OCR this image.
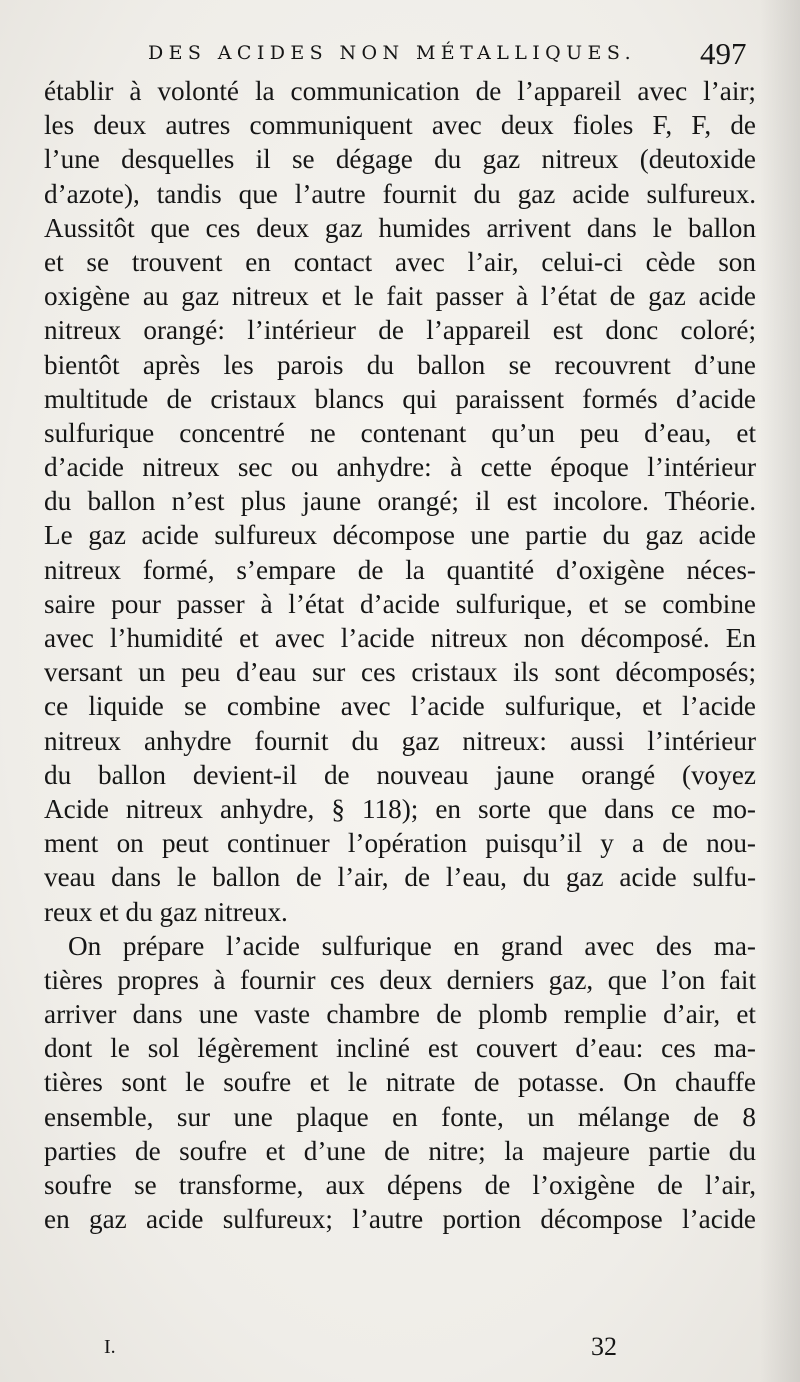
DES ACIDES NON MÉTALLIQUES. 497
établir à volonté la communication de l’appareil avec l’air;
les deux autres communiquent avec deux fioles F, F, de
l’une desquelles il se dégage du gaz nitreux (deutoxide
d’azote), tandis que l’autre fournit du gaz acide sulfureux.
Aussitôt que ces deux gaz humides arrivent dans le ballon
et se trouvent en contact avec l’air, celui-ci cède son
oxigène au gaz nitreux et le fait passer à l’état de gaz acide
nitreux orangé: l’intérieur de l’appareil est donc coloré;
bientôt après les parois du ballon se recouvrent d’une
multitude de cristaux blancs qui paraissent formés d’acide
sulfurique concentré ne contenant qu’un peu d’eau, et
d’acide nitreux sec ou anhydre: à cette époque l’intérieur
du ballon n’est plus jaune orangé; il est incolore. Théorie.
Le gaz acide sulfureux décompose une partie du gaz acide
nitreux formé, s’empare de la quantité d’oxigène néces-
saire pour passer à l’état d’acide sulfurique, et se combine
avec l’humidité et avec l’acide nitreux non décomposé. En
versant un peu d’eau sur ces cristaux ils sont décomposés;
ce liquide se combine avec l’acide sulfurique, et l’acide
nitreux anhydre fournit du gaz nitreux: aussi l’intérieur
du ballon devient-il de nouveau jaune orangé (voyez
Acide nitreux anhydre, § 118); en sorte que dans ce mo-
ment on peut continuer l’opération puisqu’il y a de nou-
veau dans le ballon de l’air, de l’eau, du gaz acide sulfu-
reux et du gaz nitreux.
On prépare l’acide sulfurique en grand avec des ma-
tières propres à fournir ces deux derniers gaz, que l’on fait
arriver dans une vaste chambre de plomb remplie d’air, et
dont le sol légèrement incliné est couvert d’eau: ces ma-
tières sont le soufre et le nitrate de potasse. On chauffe
ensemble, sur une plaque en fonte, un mélange de 8
parties de soufre et d’une de nitre; la majeure partie du
soufre se transforme, aux dépens de l’oxigène de l’air,
en gaz acide sulfureux; l’autre portion décompose l’acide
I.	32
